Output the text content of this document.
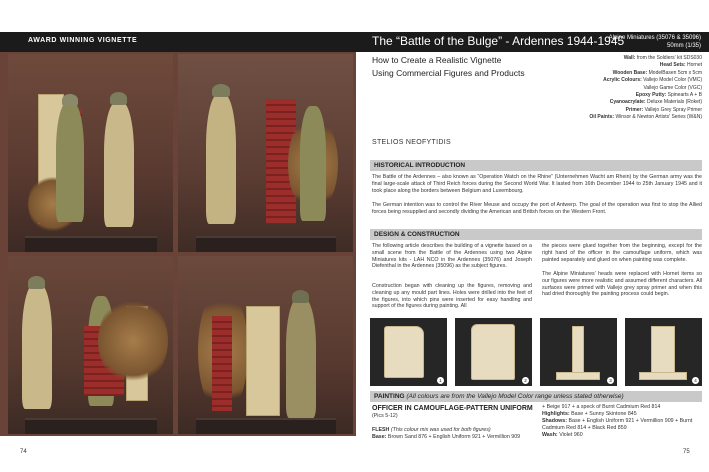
AWARD WINNING VIGNETTE	The “Battle of the Bulge” - Ardennes 1944-1945
Alpine Miniatures (35076 & 35096)
50mm (1/35)
74	75
How to Create a Realistic Vignette
Using Commercial Figures and Products
Wall: from the Soldiers' kit SDS030
Head Sets: Hornet
Wooden Base: ModelBasen 5cm x 5cm
Acrylic Colours: Vallejo Model Color (VMC)
Vallejo Game Color (VGC)
Epoxy Putty: Spinearts A + B
Cyanoacrylate: Deluxe Materials (Roket)
Primer: Vallejo Grey Spray Primer
Oil Paints: Winsor & Newton Artists' Series (W&N)
STELIOS NEOFYTIDIS
HISTORICAL INTRODUCTION

The Battle of the Ardennes – also known as “Operation Watch on the Rhine” (Unternehmen Wacht am Rhein) by the German army was the final large-scale attack of Third Reich forces during the Second World War. It lasted from 16th December 1944 to 25th January 1945 and it took place along the borders between Belgium and Luxembourg.

The German intention was to control the River Meuse and occupy the port of Antwerp. The goal of the operation was first to stop the Allied forces being resupplied and secondly dividing the American and British forces on the Western Front.

DESIGN & CONSTRUCTION

The following article describes the building of a vignette based on a small scene from the Battle of the Ardennes using two Alpine Miniatures kits - LAH NCO in the Ardennes (35076) and Joseph Diefenthal in the Ardennes (35096) as the subject figures.

Construction began with cleaning up the figures, removing and cleaning up any mould part lines. Holes were drilled into the feet of the figures, into which pins were inserted for easy handling and support of the figures during painting. All

the pieces were glued together from the beginning, except for the right hand of the officer in the camouflage uniform, which was painted separately and glued on when painting was complete.

The Alpine Miniatures' heads were replaced with Hornet items so our figures were more realistic and assumed different characters. All surfaces were primed with Vallejo grey spray primer and when this had dried thoroughly the painting process could begin.

1	2	3	4
PAINTING (All colours are from the Vallejo Model Color range unless stated otherwise)
OFFICER IN CAMOUFLAGE-PATTERN UNIFORM
(Pics 5-12)
FLESH (This colour mix was used for both figures)
Base: Brown Sand 876 + English Uniform 921 + Vermillion 909
+ Beige 917 + a speck of Burnt Cadmium Red 814
Highlights: Base + Sunny Skintone 845
Shadows: Base + English Uniform 921 + Vermillion 909 + Burnt Cadmium Red 814 + Black Red 859
Wash: Violet 960
